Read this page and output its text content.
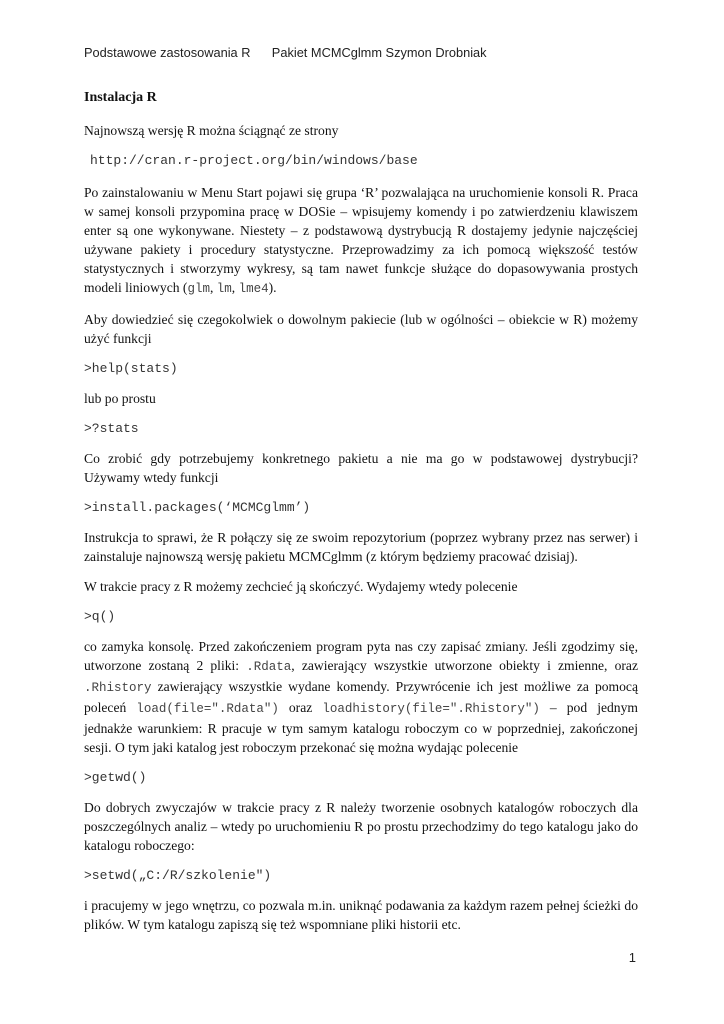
Podstawowe zastosowania R Pakiet MCMCglmm Szymon Drobniak
Instalacja R

Najnowszą wersję R można ściągnąć ze strony

http://cran.r-project.org/bin/windows/base

Po zainstalowaniu w Menu Start pojawi się grupa ‘R’ pozwalająca na uruchomienie konsoli R. Praca w samej konsoli przypomina pracę w DOSie – wpisujemy komendy i po zatwierdzeniu klawiszem enter są one wykonywane. Niestety – z podstawową dystrybucją R dostajemy jedynie najczęściej używane pakiety i procedury statystyczne. Przeprowadzimy za ich pomocą większość testów statystycznych i stworzymy wykresy, są tam nawet funkcje służące do dopasowywania prostych modeli liniowych (glm, lm, lme4).

Aby dowiedzieć się czegokolwiek o dowolnym pakiecie (lub w ogólności – obiekcie w R) możemy użyć funkcji

>help(stats)

lub po prostu

>?stats

Co zrobić gdy potrzebujemy konkretnego pakietu a nie ma go w podstawowej dystrybucji? Używamy wtedy funkcji

>install.packages(‘MCMCglmm’)

Instrukcja to sprawi, że R połączy się ze swoim repozytorium (poprzez wybrany przez nas serwer) i zainstaluje najnowszą wersję pakietu MCMCglmm (z którym będziemy pracować dzisiaj).

W trakcie pracy z R możemy zechcieć ją skończyć. Wydajemy wtedy polecenie

>q()

co zamyka konsolę. Przed zakończeniem program pyta nas czy zapisać zmiany. Jeśli zgodzimy się, utworzone zostaną 2 pliki: .Rdata, zawierający wszystkie utworzone obiekty i zmienne, oraz .Rhistory zawierający wszystkie wydane komendy. Przywrócenie ich jest możliwe za pomocą poleceń load(file=".Rdata") oraz loadhistory(file=".Rhistory") – pod jednym jednakże warunkiem: R pracuje w tym samym katalogu roboczym co w poprzedniej, zakończonej sesji. O tym jaki katalog jest roboczym przekonać się można wydając polecenie

>getwd()

Do dobrych zwyczajów w trakcie pracy z R należy tworzenie osobnych katalogów roboczych dla poszczególnych analiz – wtedy po uruchomieniu R po prostu przechodzimy do tego katalogu jako do katalogu roboczego:

>setwd(„C:/R/szkolenie")

i pracujemy w jego wnętrzu, co pozwala m.in. uniknąć podawania za każdym razem pełnej ścieżki do plików. W tym katalogu zapiszą się też wspomniane pliki historii etc.

1
